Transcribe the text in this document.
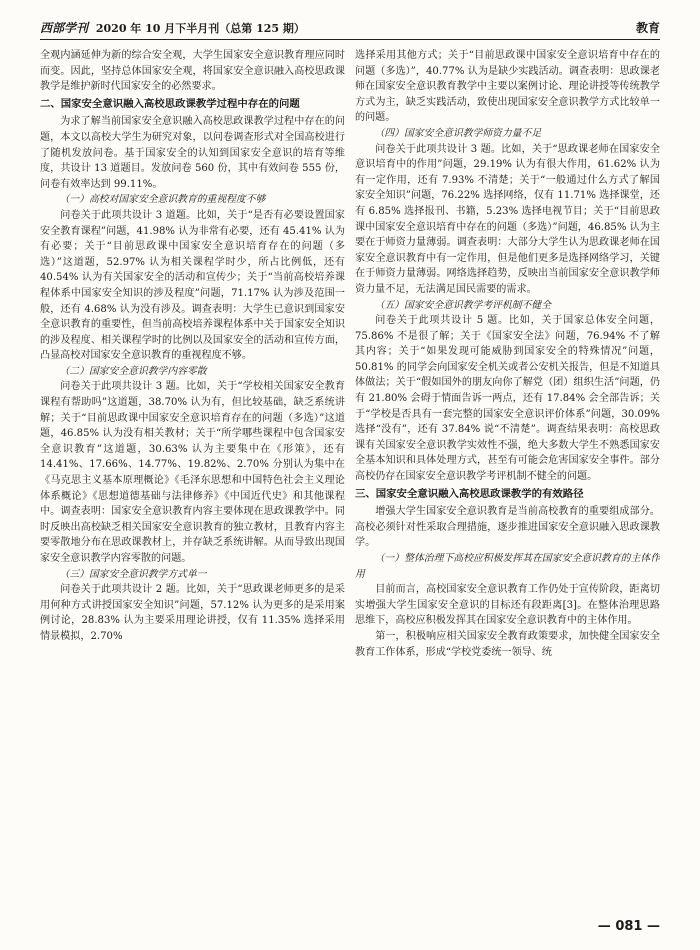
西部学刊 2020 年 10 月下半月刊（总第 125 期）	教育

全观内涵延伸为新的综合安全观，大学生国家安全意识教育理应同时而变。因此，坚持总体国家安全观，将国家安全意识融入高校思政课教学是维护新时代国家安全的必然要求。

二、国家安全意识融入高校思政课教学过程中存在的问题

为求了解当前国家安全意识融入高校思政课教学过程中存在的问题，本文以高校大学生为研究对象，以问卷调查形式对全国高校进行了随机发放问卷。基于国家安全的认知到国家安全意识的培育等维度，共设计 13 道题目。发放问卷 560 份，其中有效问卷 555 份，问卷有效率达到 99.11%。

（一）高校对国家安全意识教育的重视程度不够

问卷关于此项共设计 3 道题。比如，关于“是否有必要设置国家安全教育课程”问题，41.98% 认为非常有必要，还有 45.41% 认为有必要；关于“目前思政课中国家安全意识培育存在的问题（多选）”这道题，52.97% 认为相关课程学时少，所占比例低，还有 40.54% 认为有关国家安全的活动和宣传少；关于“当前高校培养课程体系中国家安全知识的涉及程度”问题，71.17% 认为涉及范围一般，还有 4.68% 认为没有涉及。调查表明：大学生已意识到国家安全意识教育的重要性，但当前高校培养课程体系中关于国家安全知识的涉及程度、相关课程学时的比例以及国家安全的活动和宣传方面，凸显高校对国家安全意识教育的重视程度不够。

（二）国家安全意识教学内容零散

问卷关于此项共设计 3 题。比如，关于“学校相关国家安全教育课程有帮助吗”这道题，38.70% 认为有，但比较基础，缺乏系统讲解；关于“目前思政课中国家安全意识培育存在的问题（多选）”这道题，46.85% 认为没有相关教材；关于“所学哪些课程中包含国家安全意识教育”这道题，30.63% 认为主要集中在《形策》，还有 14.41%、17.66%、14.77%、19.82%、2.70% 分别认为集中在《马克思主义基本原理概论》《毛泽东思想和中国特色社会主义理论体系概论》《思想道德基础与法律修养》《中国近代史》和其他课程中。调查表明：国家安全意识教育内容主要体现在思政课教学中。同时反映出高校缺乏相关国家安全意识教育的独立教材，且教育内容主要零散地分布在思政课教材上，并存缺乏系统讲解。从而导致出现国家安全意识教学内容零散的问题。

（三）国家安全意识教学方式单一

问卷关于此项共设计 2 题。比如，关于“思政课老师更多的是采用何种方式讲授国家安全知识”问题，57.12% 认为更多的是采用案例讨论，28.83% 认为主要采用理论讲授，仅有 11.35% 选择采用情景模拟，2.70%

选择采用其他方式；关于“目前思政课中国家安全意识培育中存在的问题（多选）”，40.77% 认为是缺少实践活动。调查表明：思政课老师在国家安全意识教育教学中主要以案例讨论、理论讲授等传统教学方式为主，缺乏实践活动，致使出现国家安全意识教学方式比较单一的问题。

（四）国家安全意识教学师资力量不足

问卷关于此项共设计 3 题。比如，关于“思政课老师在国家安全意识培育中的作用”问题，29.19% 认为有很大作用，61.62% 认为有一定作用，还有 7.93% 不清楚；关于“一般通过什么方式了解国家安全知识”问题，76.22% 选择网络，仅有 11.71% 选择课堂，还有 6.85% 选择报刊、书籍，5.23% 选择电视节目；关于“目前思政课中国家安全意识培育中存在的问题（多选）”问题，46.85% 认为主要在于师资力量薄弱。调查表明：大部分大学生认为思政课老师在国家安全意识教育中有一定作用，但是他们更多是选择网络学习，关键在于师资力量薄弱。网络选择趋势，反映出当前国家安全意识教学师资力量不足，无法满足国民需要的需求。

（五）国家安全意识教学考评机制不健全

问卷关于此项共设计 5 题。比如，关于国家总体安全问题，75.86% 不是很了解；关于《国家安全法》问题，76.94% 不了解其内容；关于“如果发现可能威胁到国家安全的特殊情况”问题，50.81% 的同学会向国家安全机关或者公安机关报告，但是不知道具体做法；关于“假如国外的朋友向你了解党（团）组织生活”问题，仍有 21.80% 会碍于情面告诉一两点，还有 17.84% 会全部告诉；关于“学校是否具有一套完整的国家安全意识评价体系”问题，30.09% 选择“没有”，还有 37.84% 说“不清楚”。调查结果表明：高校思政课有关国家安全意识教学实效性不强，绝大多数大学生不熟悉国家安全基本知识和具体处理方式，甚至有可能会危害国家安全事件。部分高校仍存在国家安全意识教学考评机制不健全的问题。

三、国家安全意识融入高校思政课教学的有效路径

增强大学生国家安全意识教育是当前高校教育的重要组成部分。高校必须针对性采取合理措施，逐步推进国家安全意识融入思政课教学。

（一）整体治理下高校应积极发挥其在国家安全意识教育的主体作用

目前而言，高校国家安全意识教育工作仍处于宣传阶段，距离切实增强大学生国家安全意识的目标还有段距离[3]。在整体治理思路思维下，高校应积极发挥其在国家安全意识教育中的主体作用。

第一，积极响应相关国家安全教育政策要求，加快健全国家安全教育工作体系，形成“学校党委统一领导、统

— 081 —
